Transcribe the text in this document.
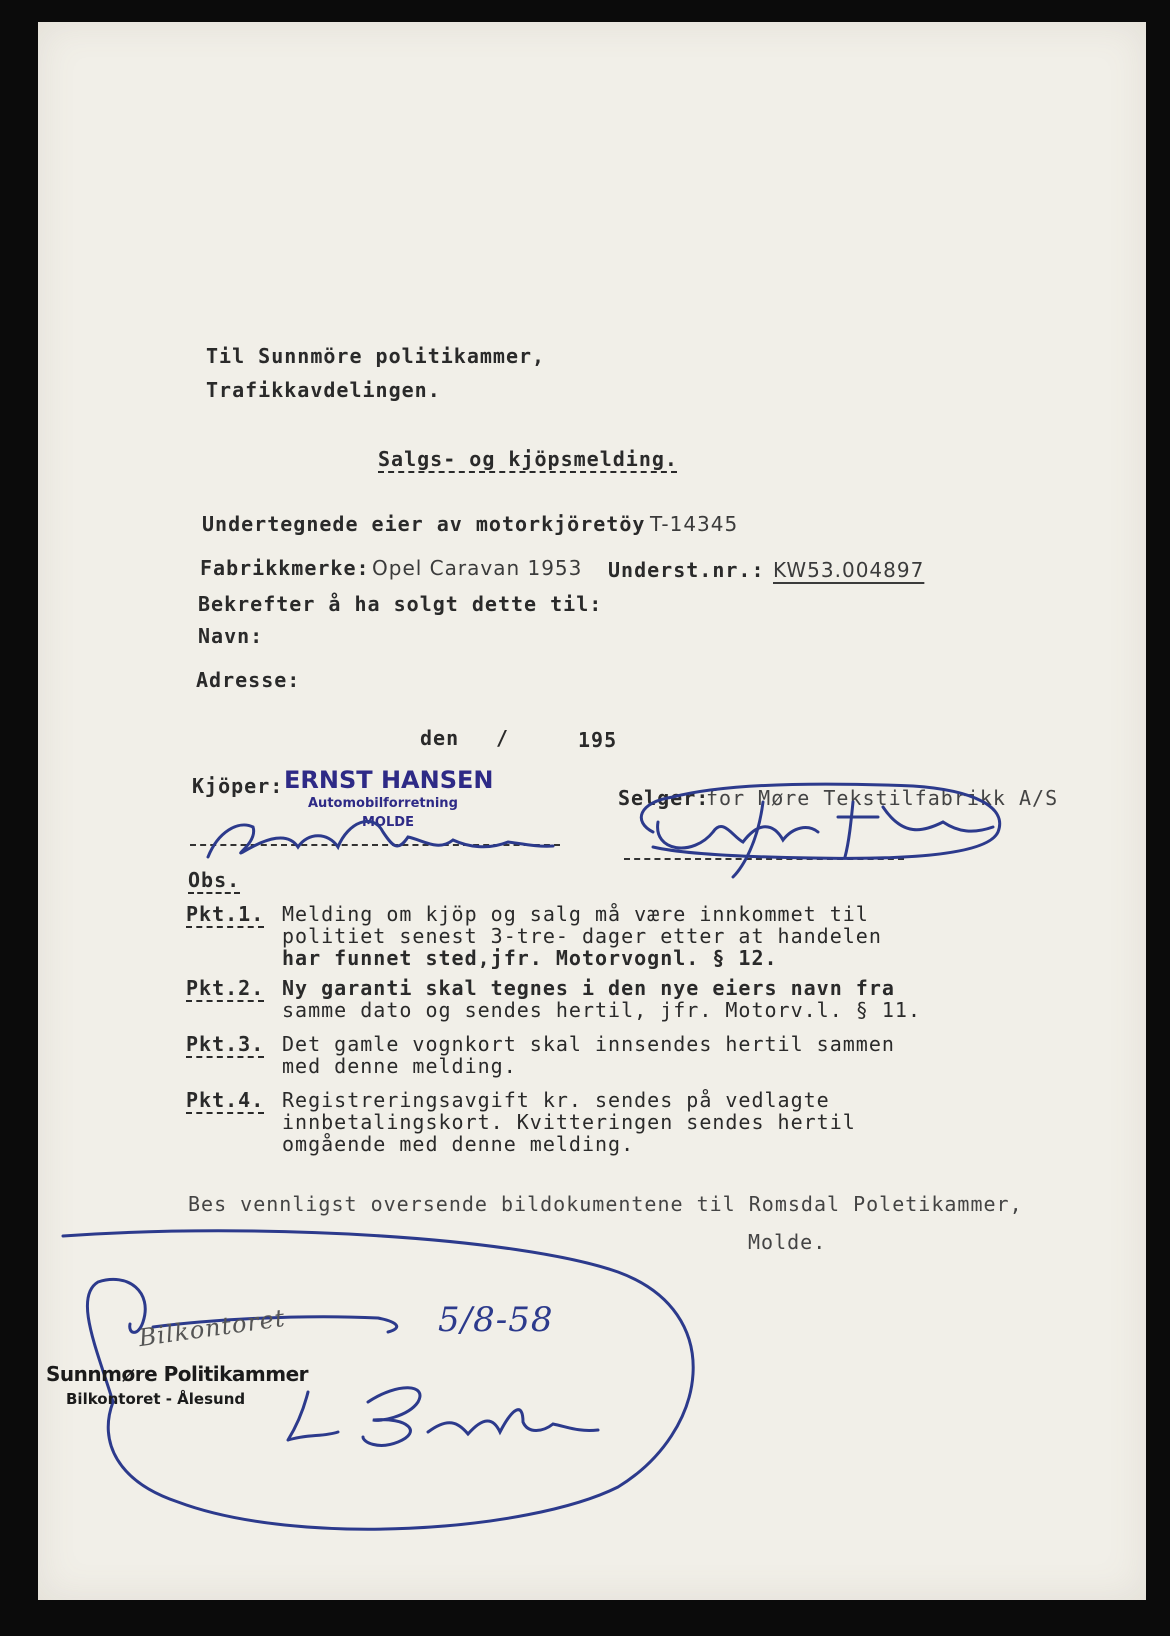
Til Sunnmöre politikammer,
Trafikkavdelingen.
Salgs- og kjöpsmelding.
Undertegnede eier av motorkjöretöy T-14345
Fabrikkmerke: Opel Caravan 1953 Underst.nr.: KW53.004897
Bekrefter å ha solgt dette til:
Navn:
Adresse:
den /	195
Kjöper: ERNST HANSEN
Automobilforretning
MOLDE
Selger:
for Møre Tekstilfabrikk A/S
Obs.
Pkt.1. Melding om kjöp og salg må være innkommet til
politiet senest 3-tre- dager etter at handelen
har funnet sted,jfr. Motorvognl. § 12.
Pkt.2. Ny garanti skal tegnes i den nye eiers navn fra
samme dato og sendes hertil, jfr. Motorv.l. § 11.
Pkt.3. Det gamle vognkort skal innsendes hertil sammen
med denne melding.
Pkt.4. Registreringsavgift kr. sendes på vedlagte
innbetalingskort. Kvitteringen sendes hertil
omgående med denne melding.
Bes vennligst oversende bildokumentene til Romsdal Poletikammer,
Molde.
Bilkontoret	5/8-58
Sunnmøre Politikammer
Bilkontoret - Ålesund
